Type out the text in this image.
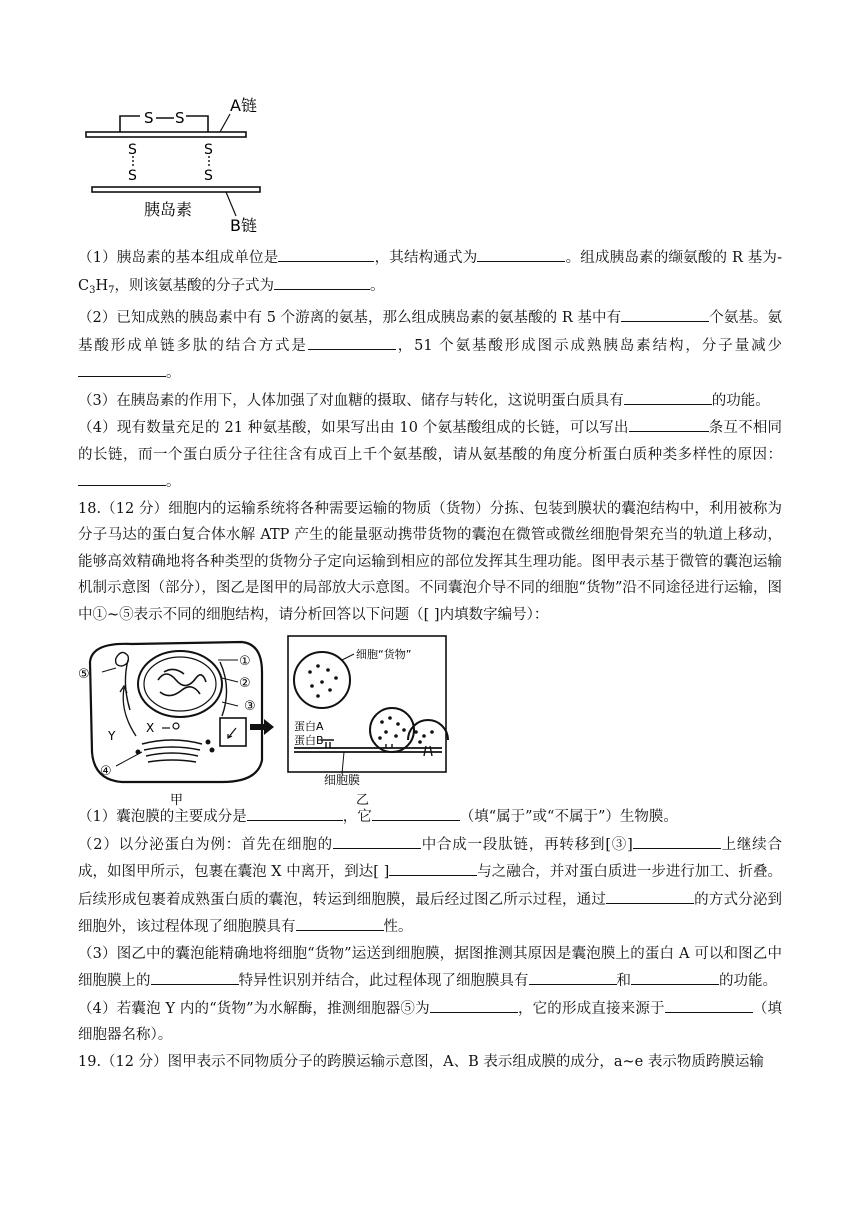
S S
S
S
S
S
A链
胰岛素
B链

（1）胰岛素的基本组成单位是	，其结构通式为	。组成胰岛素的缬氨酸的 R 基为$-C_3H_7$，则该氨基酸的分子式为	。

（2）已知成熟的胰岛素中有 5 个游离的氨基，那么组成胰岛素的氨基酸的 R 基中有	个氨基。氨基酸形成单链多肽的结合方式是	，51 个氨基酸形成图示成熟胰岛素结构，分子量减少。

（3）在胰岛素的作用下，人体加强了对血糖的摄取、储存与转化，这说明蛋白质具有	的功能。

（4）现有数量充足的 21 种氨基酸，如果写出由 10 个氨基酸组成的长链，可以写出	条互不相同的长链，而一个蛋白质分子往往含有成百上千个氨基酸，请从氨基酸的角度分析蛋白质种类多样性的原因：。

18.（12 分）细胞内的运输系统将各种需要运输的物质（货物）分拣、包装到膜状的囊泡结构中，利用被称为分子马达的蛋白复合体水解 ATP 产生的能量驱动携带货物的囊泡在微管或微丝细胞骨架充当的轨道上移动，能够高效精确地将各种类型的货物分子定向运输到相应的部位发挥其生理功能。图甲表示基于微管的囊泡运输机制示意图（部分），图乙是图甲的局部放大示意图。不同囊泡介导不同的细胞“货物”沿不同途径进行运输，图中①~⑤表示不同的细胞结构，请分析回答以下问题（[ ]内填数字编号）：

①
②
③
④
⑤
X
Y
甲
细胞“货物”
蛋白A
蛋白B
细胞膜
乙

（1）囊泡膜的主要成分是	，它	（填“属于”或“不属于”）生物膜。

（2）以分泌蛋白为例：首先在细胞的	中合成一段肽链，再转移到[③]	上继续合成，如图甲所示，包裹在囊泡 X 中离开，到达[ ]	与之融合，并对蛋白质进一步进行加工、折叠。后续形成包裹着成熟蛋白质的囊泡，转运到细胞膜，最后经过图乙所示过程，通过	的方式分泌到细胞外，该过程体现了细胞膜具有	性。

（3）图乙中的囊泡能精确地将细胞“货物”运送到细胞膜，据图推测其原因是囊泡膜上的蛋白 A 可以和图乙中细胞膜上的	特异性识别并结合，此过程体现了细胞膜具有	和	的功能。

（4）若囊泡 Y 内的“货物”为水解酶，推测细胞器⑤为	，它的形成直接来源于	（填细胞器名称）。

19.（12 分）图甲表示不同物质分子的跨膜运输示意图，A、B 表示组成膜的成分，a~e 表示物质跨膜运输
